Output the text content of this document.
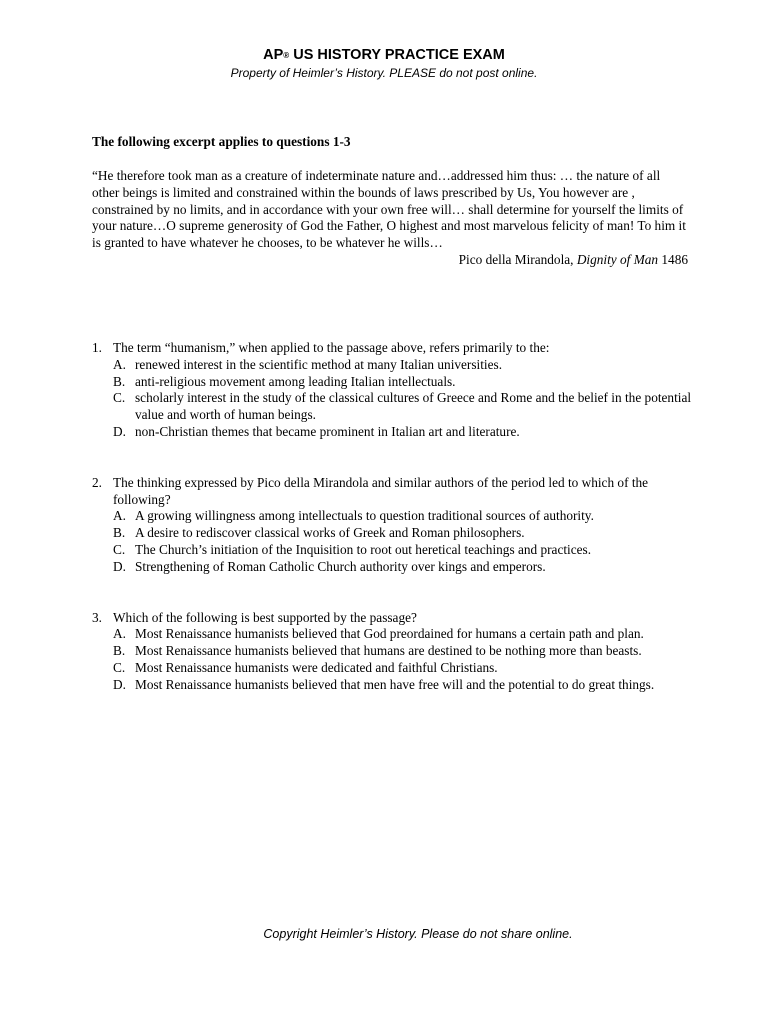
AP® US HISTORY PRACTICE EXAM
Property of Heimler’s History. PLEASE do not post online.
The following excerpt applies to questions 1-3
“He therefore took man as a creature of indeterminate nature and…addressed him thus: … the nature of all other beings is limited and constrained within the bounds of laws prescribed by Us, You however are , constrained by no limits, and in accordance with your own free will… shall determine for yourself the limits of your nature…O supreme generosity of God the Father, O highest and most marvelous felicity of man! To him it is granted to have whatever he chooses, to be whatever he wills…
Pico della Mirandola, Dignity of Man 1486
1. The term “humanism,” when applied to the passage above, refers primarily to the:
A. renewed interest in the scientific method at many Italian universities.
B. anti-religious movement among leading Italian intellectuals.
C. scholarly interest in the study of the classical cultures of Greece and Rome and the belief in the potential value and worth of human beings.
D. non-Christian themes that became prominent in Italian art and literature.
2. The thinking expressed by Pico della Mirandola and similar authors of the period led to which of the following?
A. A growing willingness among intellectuals to question traditional sources of authority.
B. A desire to rediscover classical works of Greek and Roman philosophers.
C. The Church’s initiation of the Inquisition to root out heretical teachings and practices.
D. Strengthening of Roman Catholic Church authority over kings and emperors.
3. Which of the following is best supported by the passage?
A. Most Renaissance humanists believed that God preordained for humans a certain path and plan.
B. Most Renaissance humanists believed that humans are destined to be nothing more than beasts.
C. Most Renaissance humanists were dedicated and faithful Christians.
D. Most Renaissance humanists believed that men have free will and the potential to do great things.
Copyright Heimler’s History. Please do not share online.
